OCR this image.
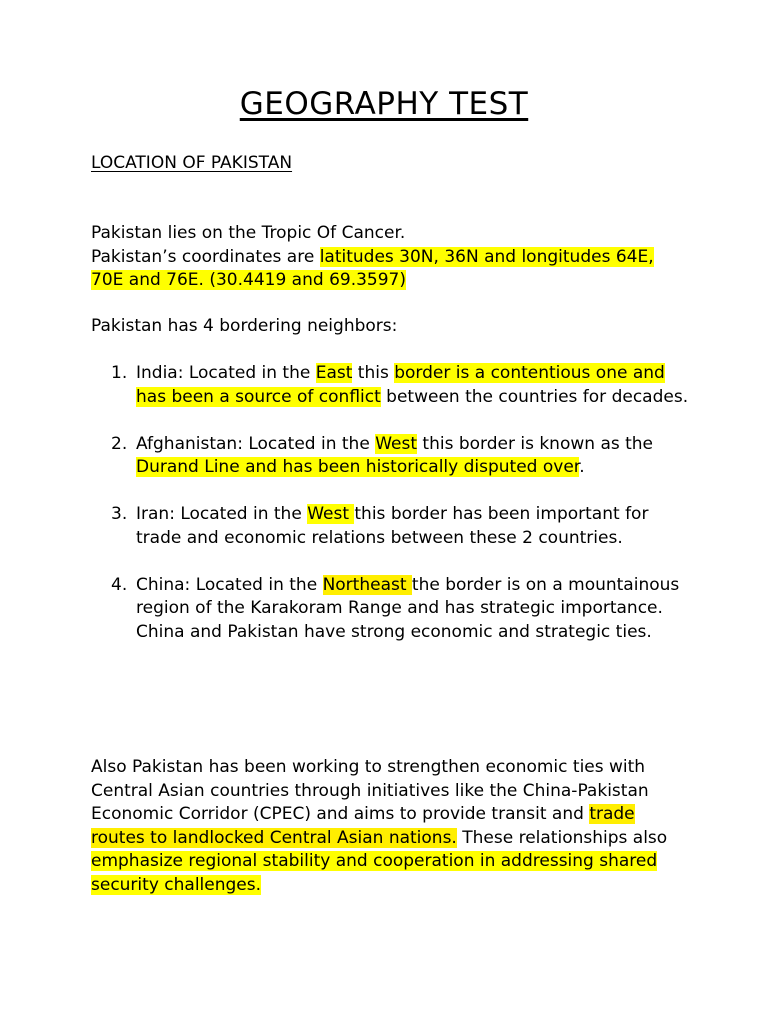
GEOGRAPHY TEST
LOCATION OF PAKISTAN
Pakistan lies on the Tropic Of Cancer.
Pakistan’s coordinates are latitudes 30N, 36N and longitudes 64E, 70E and 76E. (30.4419 and 69.3597)
Pakistan has 4 bordering neighbors:
1. India: Located in the East this border is a contentious one and has been a source of conflict between the countries for decades.
2. Afghanistan: Located in the West this border is known as the Durand Line and has been historically disputed over.
3. Iran: Located in the West this border has been important for trade and economic relations between these 2 countries.
4. China: Located in the Northeast the border is on a mountainous region of the Karakoram Range and has strategic importance. China and Pakistan have strong economic and strategic ties.
Also Pakistan has been working to strengthen economic ties with Central Asian countries through initiatives like the China-Pakistan Economic Corridor (CPEC) and aims to provide transit and trade routes to landlocked Central Asian nations. These relationships also emphasize regional stability and cooperation in addressing shared security challenges.
